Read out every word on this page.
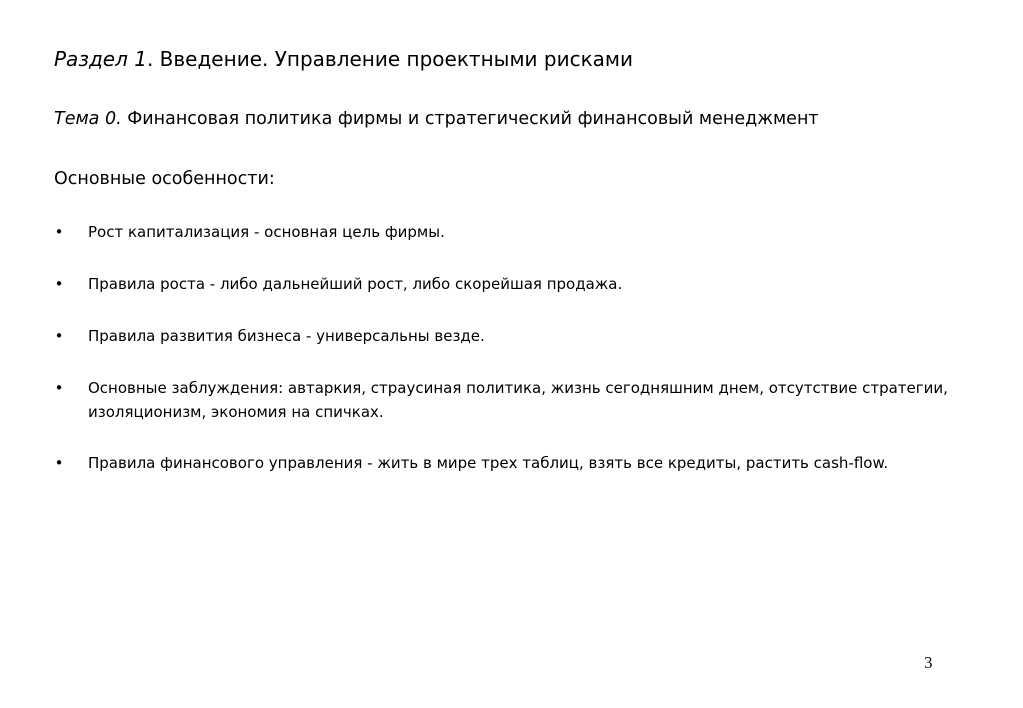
Раздел 1. Введение. Управление проектными рисками
Тема 0. Финансовая политика фирмы и стратегический финансовый менеджмент

Основные особенности:

• Рост капитализация - основная цель фирмы.
• Правила роста - либо дальнейший рост, либо скорейшая продажа.
• Правила развития бизнеса - универсальны везде.
• Основные заблуждения: автаркия, страусиная политика, жизнь сегодняшним днем, отсутствие стратегии, изоляционизм, экономия на спичках.
• Правила финансового управления - жить в мире трех таблиц, взять все кредиты, растить cash-flow.
3
